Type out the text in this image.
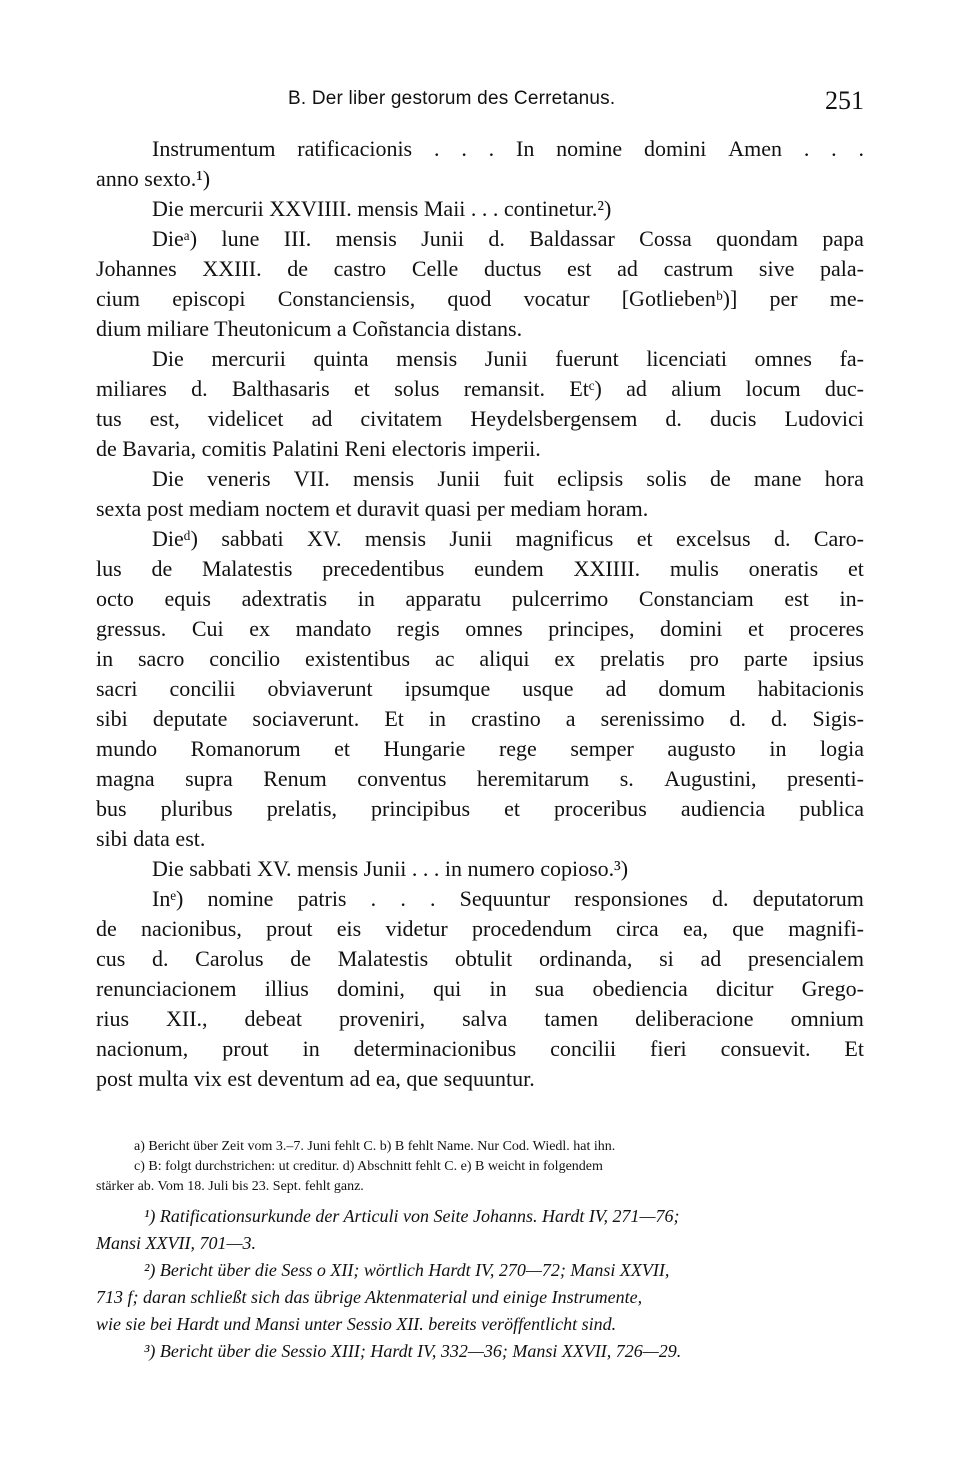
B. Der liber gestorum des Cerretanus.	251
Instrumentum ratificacionis . . . In nomine domini Amen . . .
anno sexto.¹)
Die mercurii XXVIIII. mensis Maii . . . continetur.²)
Dieᵃ) lune III. mensis Junii d. Baldassar Cossa quondam papa
Johannes XXIII. de castro Celle ductus est ad castrum sive pala-
cium episcopi Constanciensis, quod vocatur [Gotliebenᵇ)] per me-
dium miliare Theutonicum a Coñstancia distans.
Die mercurii quinta mensis Junii fuerunt licenciati omnes fa-
miliares d. Balthasaris et solus remansit. Etᶜ) ad alium locum duc-
tus est, videlicet ad civitatem Heydelsbergensem d. ducis Ludovici
de Bavaria, comitis Palatini Reni electoris imperii.
Die veneris VII. mensis Junii fuit eclipsis solis de mane hora
sexta post mediam noctem et duravit quasi per mediam horam.
Dieᵈ) sabbati XV. mensis Junii magnificus et excelsus d. Caro-
lus de Malatestis precedentibus eundem XXIIII. mulis oneratis et
octo equis adextratis in apparatu pulcerrimo Constanciam est in-
gressus. Cui ex mandato regis omnes principes, domini et proceres
in sacro concilio existentibus ac aliqui ex prelatis pro parte ipsius
sacri concilii obviaverunt ipsumque usque ad domum habitacionis
sibi deputate sociaverunt. Et in crastino a serenissimo d. d. Sigis-
mundo Romanorum et Hungarie rege semper augusto in logia
magna supra Renum conventus heremitarum s. Augustini, presenti-
bus pluribus prelatis, principibus et proceribus audiencia publica
sibi data est.
Die sabbati XV. mensis Junii . . . in numero copioso.³)
Inᵉ) nomine patris . . . Sequuntur responsiones d. deputatorum
de nacionibus, prout eis videtur procedendum circa ea, que magnifi-
cus d. Carolus de Malatestis obtulit ordinanda, si ad presencialem
renunciacionem illius domini, qui in sua obediencia dicitur Grego-
rius XII., debeat proveniri, salva tamen deliberacione omnium
nacionum, prout in determinacionibus concilii fieri consuevit. Et
post multa vix est deventum ad ea, que sequuntur.
a) Bericht über Zeit vom 3.–7. Juni fehlt C. b) B fehlt Name. Nur Cod. Wiedl. hat ihn.
c) B: folgt durchstrichen: ut creditur. d) Abschnitt fehlt C. e) B weicht in folgendem
stärker ab. Vom 18. Juli bis 23. Sept. fehlt ganz.
¹) Ratificationsurkunde der Articuli von Seite Johanns. Hardt IV, 271—76;
Mansi XXVII, 701—3.
²) Bericht über die Sess o XII; wörtlich Hardt IV, 270—72; Mansi XXVII,
713 f; daran schließt sich das übrige Aktenmaterial und einige Instrumente,
wie sie bei Hardt und Mansi unter Sessio XII. bereits veröffentlicht sind.
³) Bericht über die Sessio XIII; Hardt IV, 332—36; Mansi XXVII, 726—29.
